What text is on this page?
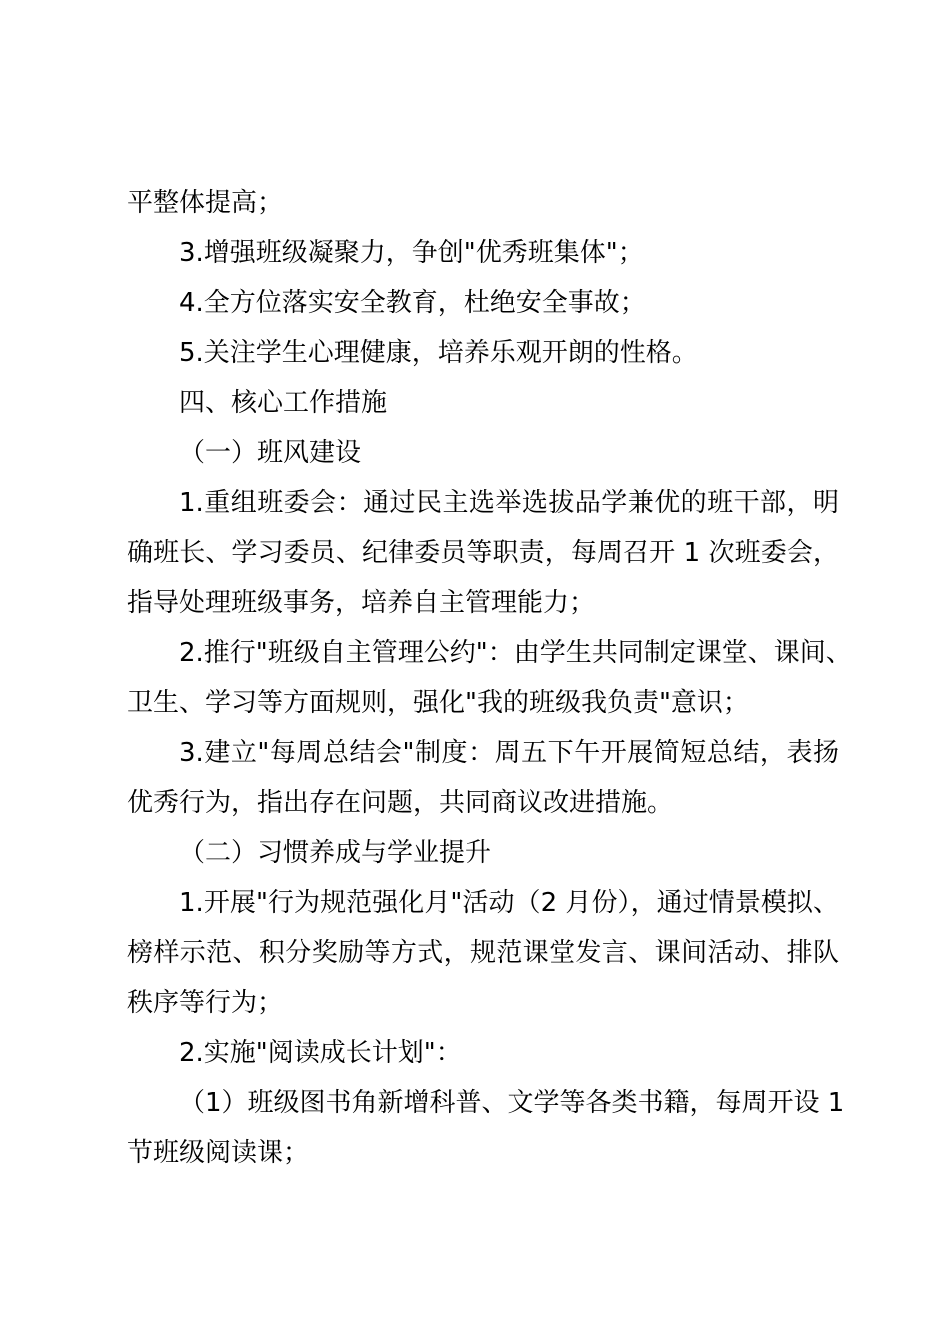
平整体提高；
3.增强班级凝聚力，争创"优秀班集体"；
4.全方位落实安全教育，杜绝安全事故；
5.关注学生心理健康，培养乐观开朗的性格。
四、核心工作措施
（一）班风建设
1.重组班委会：通过民主选举选拔品学兼优的班干部，明
确班长、学习委员、纪律委员等职责，每周召开 1 次班委会，
指导处理班级事务，培养自主管理能力；
2.推行"班级自主管理公约"：由学生共同制定课堂、课间、
卫生、学习等方面规则，强化"我的班级我负责"意识；
3.建立"每周总结会"制度：周五下午开展简短总结，表扬
优秀行为，指出存在问题，共同商议改进措施。
（二）习惯养成与学业提升
1.开展"行为规范强化月"活动（2 月份），通过情景模拟、
榜样示范、积分奖励等方式，规范课堂发言、课间活动、排队
秩序等行为；
2.实施"阅读成长计划"：
（1）班级图书角新增科普、文学等各类书籍，每周开设 1
节班级阅读课；
